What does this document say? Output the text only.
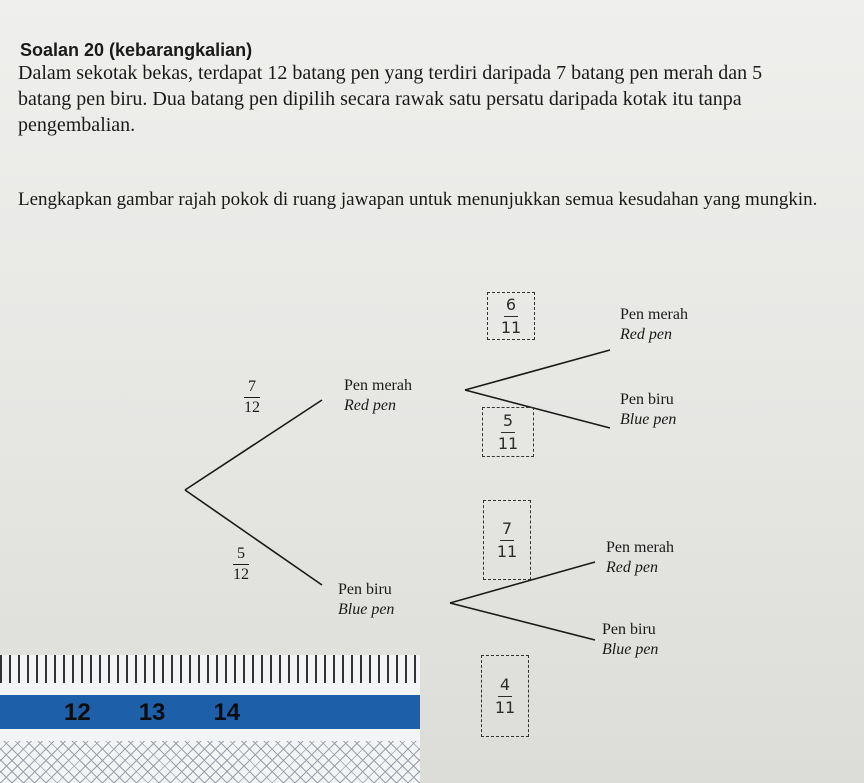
Soalan 20 (kebarangkalian)

Dalam sekotak bekas, terdapat 12 batang pen yang terdiri daripada 7 batang pen merah dan 5 batang pen biru. Dua batang pen dipilih secara rawak satu persatu daripada kotak itu tanpa pengembalian.

Lengkapkan gambar rajah pokok di ruang jawapan untuk menunjukkan semua kesudahan yang mungkin.

7
12
5
12
Pen merah
Red pen
Pen biru
Blue pen
Pen merah
Red pen
Pen biru
Blue pen
Pen merah
Red pen
Pen biru
Blue pen
6
11
5
11
7
11
4
11
12 13 14
